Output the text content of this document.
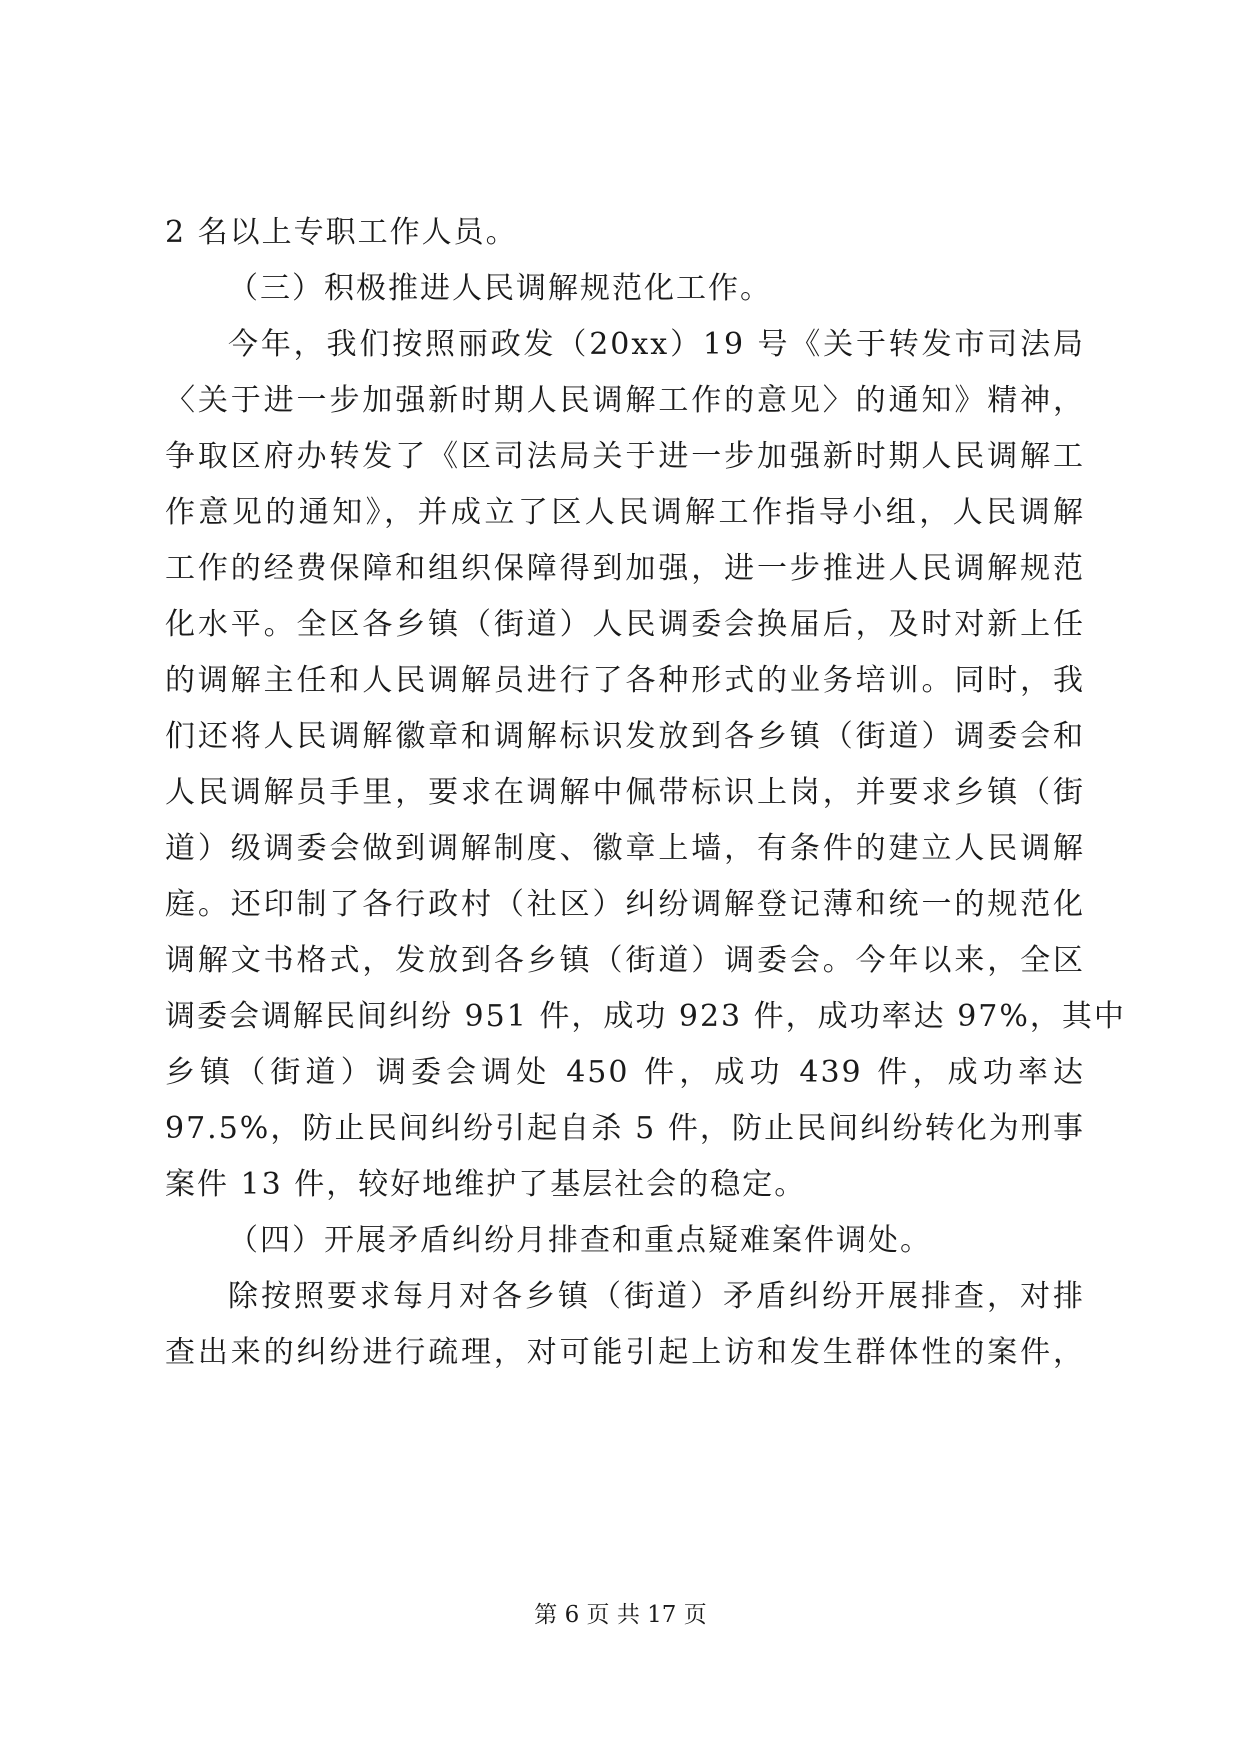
2 名以上专职工作人员。
（三）积极推进人民调解规范化工作。
今年，我们按照丽政发（20xx）19 号《关于转发市司法局
〈关于进一步加强新时期人民调解工作的意见〉的通知》精神，
争取区府办转发了《区司法局关于进一步加强新时期人民调解工
作意见的通知》，并成立了区人民调解工作指导小组，人民调解
工作的经费保障和组织保障得到加强，进一步推进人民调解规范
化水平。全区各乡镇（街道）人民调委会换届后，及时对新上任
的调解主任和人民调解员进行了各种形式的业务培训。同时，我
们还将人民调解徽章和调解标识发放到各乡镇（街道）调委会和
人民调解员手里，要求在调解中佩带标识上岗，并要求乡镇（街
道）级调委会做到调解制度、徽章上墙，有条件的建立人民调解
庭。还印制了各行政村（社区）纠纷调解登记薄和统一的规范化
调解文书格式，发放到各乡镇（街道）调委会。今年以来，全区
调委会调解民间纠纷 951 件，成功 923 件，成功率达 97%，其中
乡镇（街道）调委会调处 450 件，成功 439 件，成功率达
97.5%，防止民间纠纷引起自杀 5 件，防止民间纠纷转化为刑事
案件 13 件，较好地维护了基层社会的稳定。
（四）开展矛盾纠纷月排查和重点疑难案件调处。
除按照要求每月对各乡镇（街道）矛盾纠纷开展排查，对排
查出来的纠纷进行疏理，对可能引起上访和发生群体性的案件，
第 6 页 共 17 页
